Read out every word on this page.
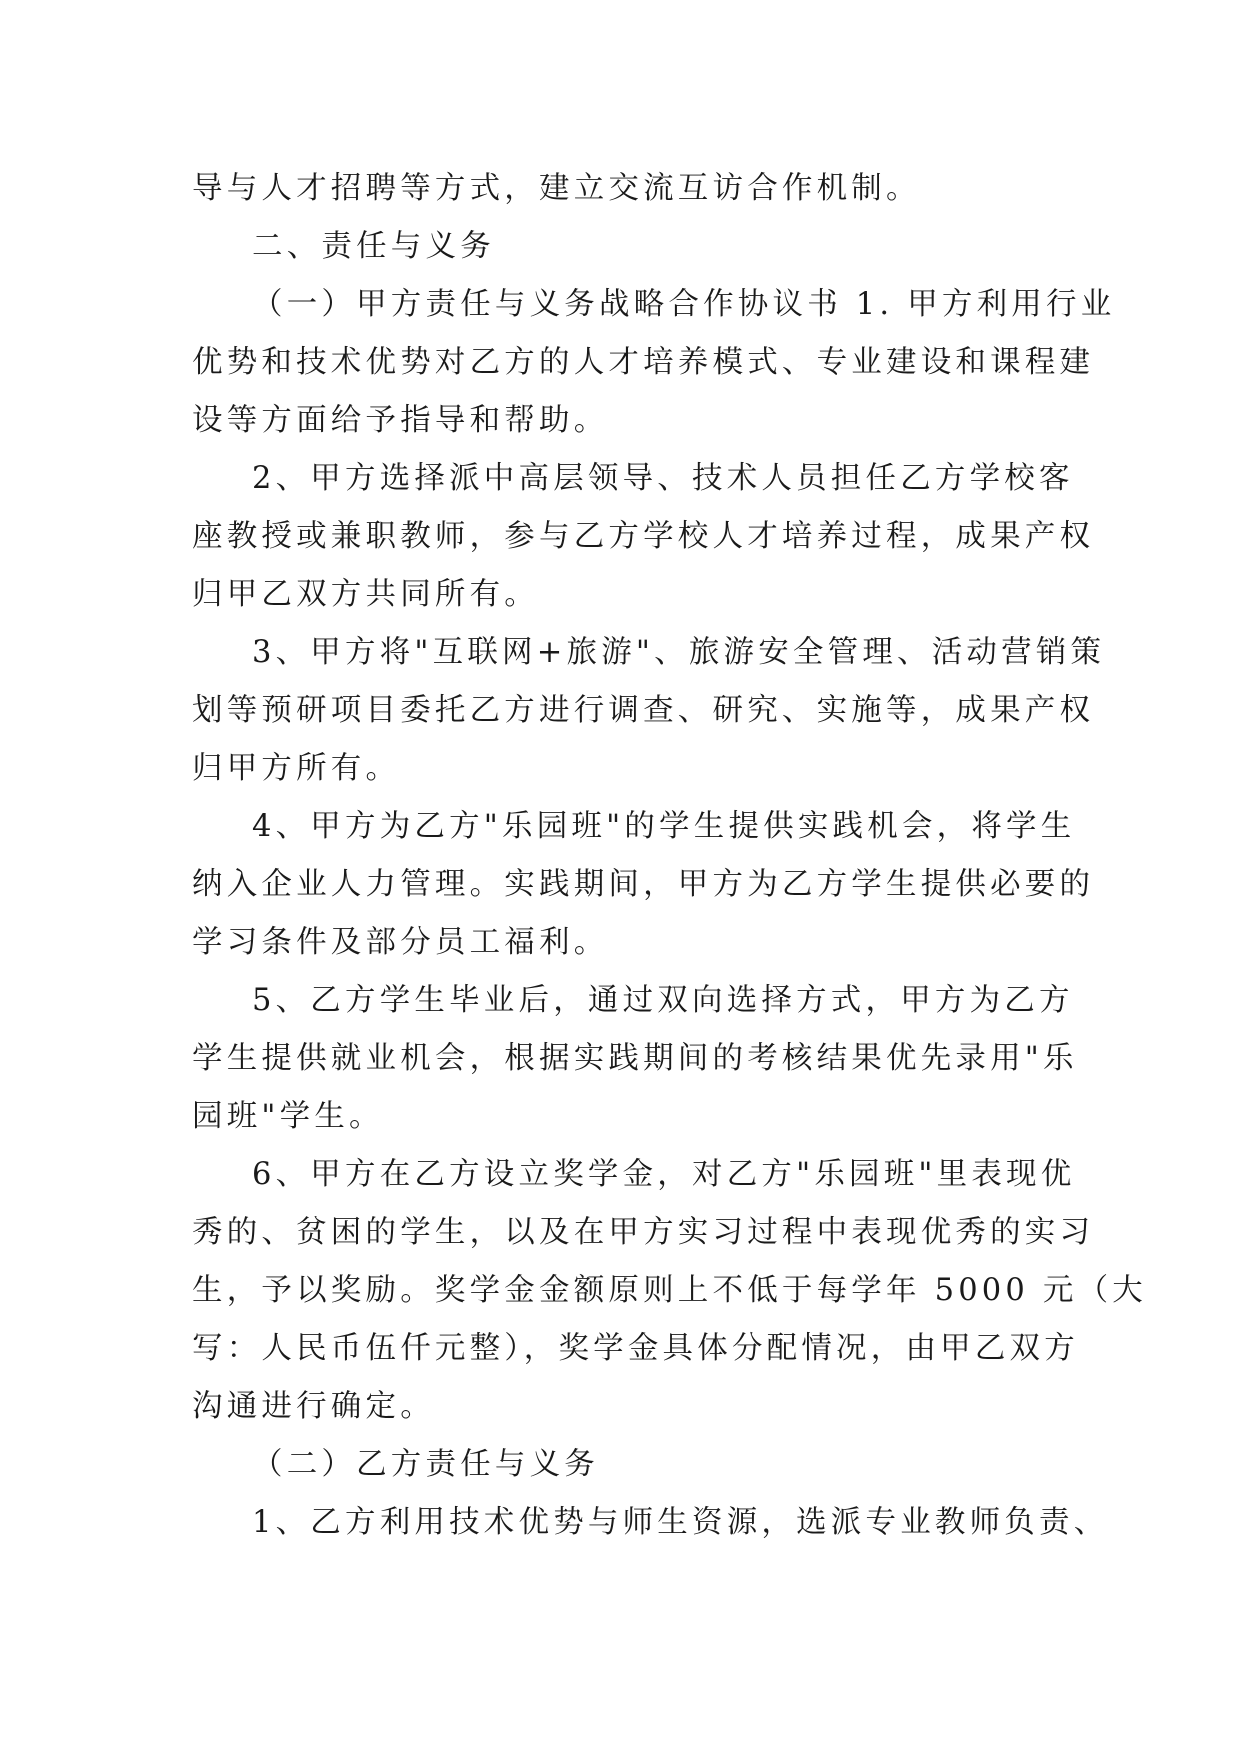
导与人才招聘等方式，建立交流互访合作机制。
二、责任与义务
（一）甲方责任与义务战略合作协议书 1. 甲方利用行业
优势和技术优势对乙方的人才培养模式、专业建设和课程建
设等方面给予指导和帮助。
2、甲方选择派中高层领导、技术人员担任乙方学校客
座教授或兼职教师，参与乙方学校人才培养过程，成果产权
归甲乙双方共同所有。
3、甲方将"互联网+旅游"、旅游安全管理、活动营销策
划等预研项目委托乙方进行调查、研究、实施等，成果产权
归甲方所有。
4、甲方为乙方"乐园班"的学生提供实践机会，将学生
纳入企业人力管理。实践期间，甲方为乙方学生提供必要的
学习条件及部分员工福利。
5、乙方学生毕业后，通过双向选择方式，甲方为乙方
学生提供就业机会，根据实践期间的考核结果优先录用"乐
园班"学生。
6、甲方在乙方设立奖学金，对乙方"乐园班"里表现优
秀的、贫困的学生，以及在甲方实习过程中表现优秀的实习
生，予以奖励。奖学金金额原则上不低于每学年 5000 元（大
写：人民币伍仟元整），奖学金具体分配情况，由甲乙双方
沟通进行确定。
（二）乙方责任与义务
1、乙方利用技术优势与师生资源，选派专业教师负责、
